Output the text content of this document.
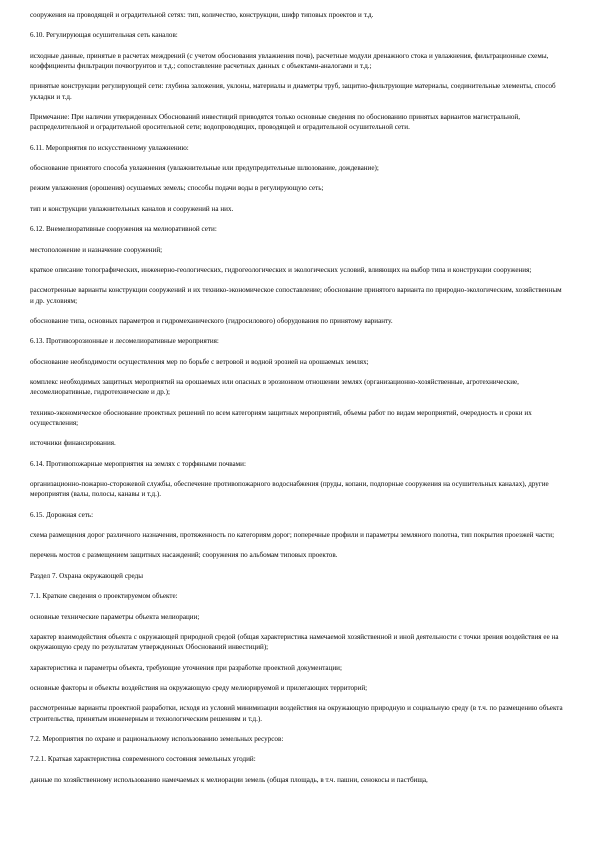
сооружения на проводящей и оградительной сетях: тип, количество, конструкции, шифр типовых проектов и т.д.

6.10. Регулирующая осушительная сеть каналов:

исходные данные, принятые в расчетах междрений (с учетом обоснования увлажнения почв), расчетные модули дренажного стока и увлажнения, фильтрационные схемы, коэффициенты фильтрации почвогрунтов и т.д.; сопоставление расчетных данных с объектами-аналогами и т.д.;

принятые конструкции регулирующей сети: глубина заложения, уклоны, материалы и диаметры труб, защитно-фильтрующие материалы, соединительные элементы, способ укладки и т.д.

Примечание: При наличии утвержденных Обоснований инвестиций приводятся только основные сведения по обоснованию принятых вариантов магистральной, распределительной и оградительной оросительной сети; водопроводящих, проводящей и оградительной осушительной сети.

6.11. Мероприятия по искусственному увлажнению:

обоснование принятого способа увлажнения (увлажнительные или предупредительные шлюзование, дождевание);

режим увлажнения (орошения) осушаемых земель; способы подачи воды в регулирующую сеть;

тип и конструкции увлажнительных каналов и сооружений на них.

6.12. Внемелиоративные сооружения на мелиоративной сети:

местоположение и назначение сооружений;

краткое описание топографических, инженерно-геологических, гидрогеологических и экологических условий, влияющих на выбор типа и конструкции сооружения;

рассмотренные варианты конструкции сооружений и их технико-экономическое сопоставление; обоснование принятого варианта по природно-экологическим, хозяйственным и др. условиям;

обоснование типа, основных параметров и гидромеханического (гидросилового) оборудования по принятому варианту.

6.13. Противоэрозионные и лесомелиоративные мероприятия:

обоснование необходимости осуществления мер по борьбе с ветровой и водной эрозией на орошаемых землях;

комплекс необходимых защитных мероприятий на орошаемых или опасных в эрозионном отношении землях (организационно-хозяйственные, агротехнические, лесомелиоративные, гидротехнические и др.);

технико-экономическое обоснование проектных решений по всем категориям защитных мероприятий, объемы работ по видам мероприятий, очередность и сроки их осуществления;

источники финансирования.

6.14. Противопожарные мероприятия на землях с торфяными почвами:

организационно-пожарно-сторожевой службы, обеспечение противопожарного водоснабжения (пруды, копани, подпорные сооружения на осушительных каналах), другие мероприятия (валы, полосы, канавы и т.д.).

6.15. Дорожная сеть:

схема размещения дорог различного назначения, протяженность по категориям дорог; поперечные профили и параметры земляного полотна, тип покрытия проезжей части;

перечень мостов с размещением защитных насаждений; сооружения по альбомам типовых проектов.

Раздел 7. Охрана окружающей среды

7.1. Краткие сведения о проектируемом объекте:

основные технические параметры объекта мелиорации;

характер взаимодействия объекта с окружающей природной средой (общая характеристика намечаемой хозяйственной и иной деятельности с точки зрения воздействия ее на окружающую среду по результатам утвержденных Обоснований инвестиций);

характеристика и параметры объекта, требующие уточнения при разработке проектной документации;

основные факторы и объекты воздействия на окружающую среду мелиорируемой и прилегающих территорий;

рассмотренные варианты проектной разработки, исходя из условий минимизации воздействия на окружающую природную и социальную среду (в т.ч. по размещению объекта строительства, принятым инженерным и технологическим решениям и т.д.).

7.2. Мероприятия по охране и рациональному использованию земельных ресурсов:

7.2.1. Краткая характеристика современного состояния земельных угодий:

данные по хозяйственному использованию намечаемых к мелиорации земель (общая площадь, в т.ч. пашни, сенокосы и пастбища,
